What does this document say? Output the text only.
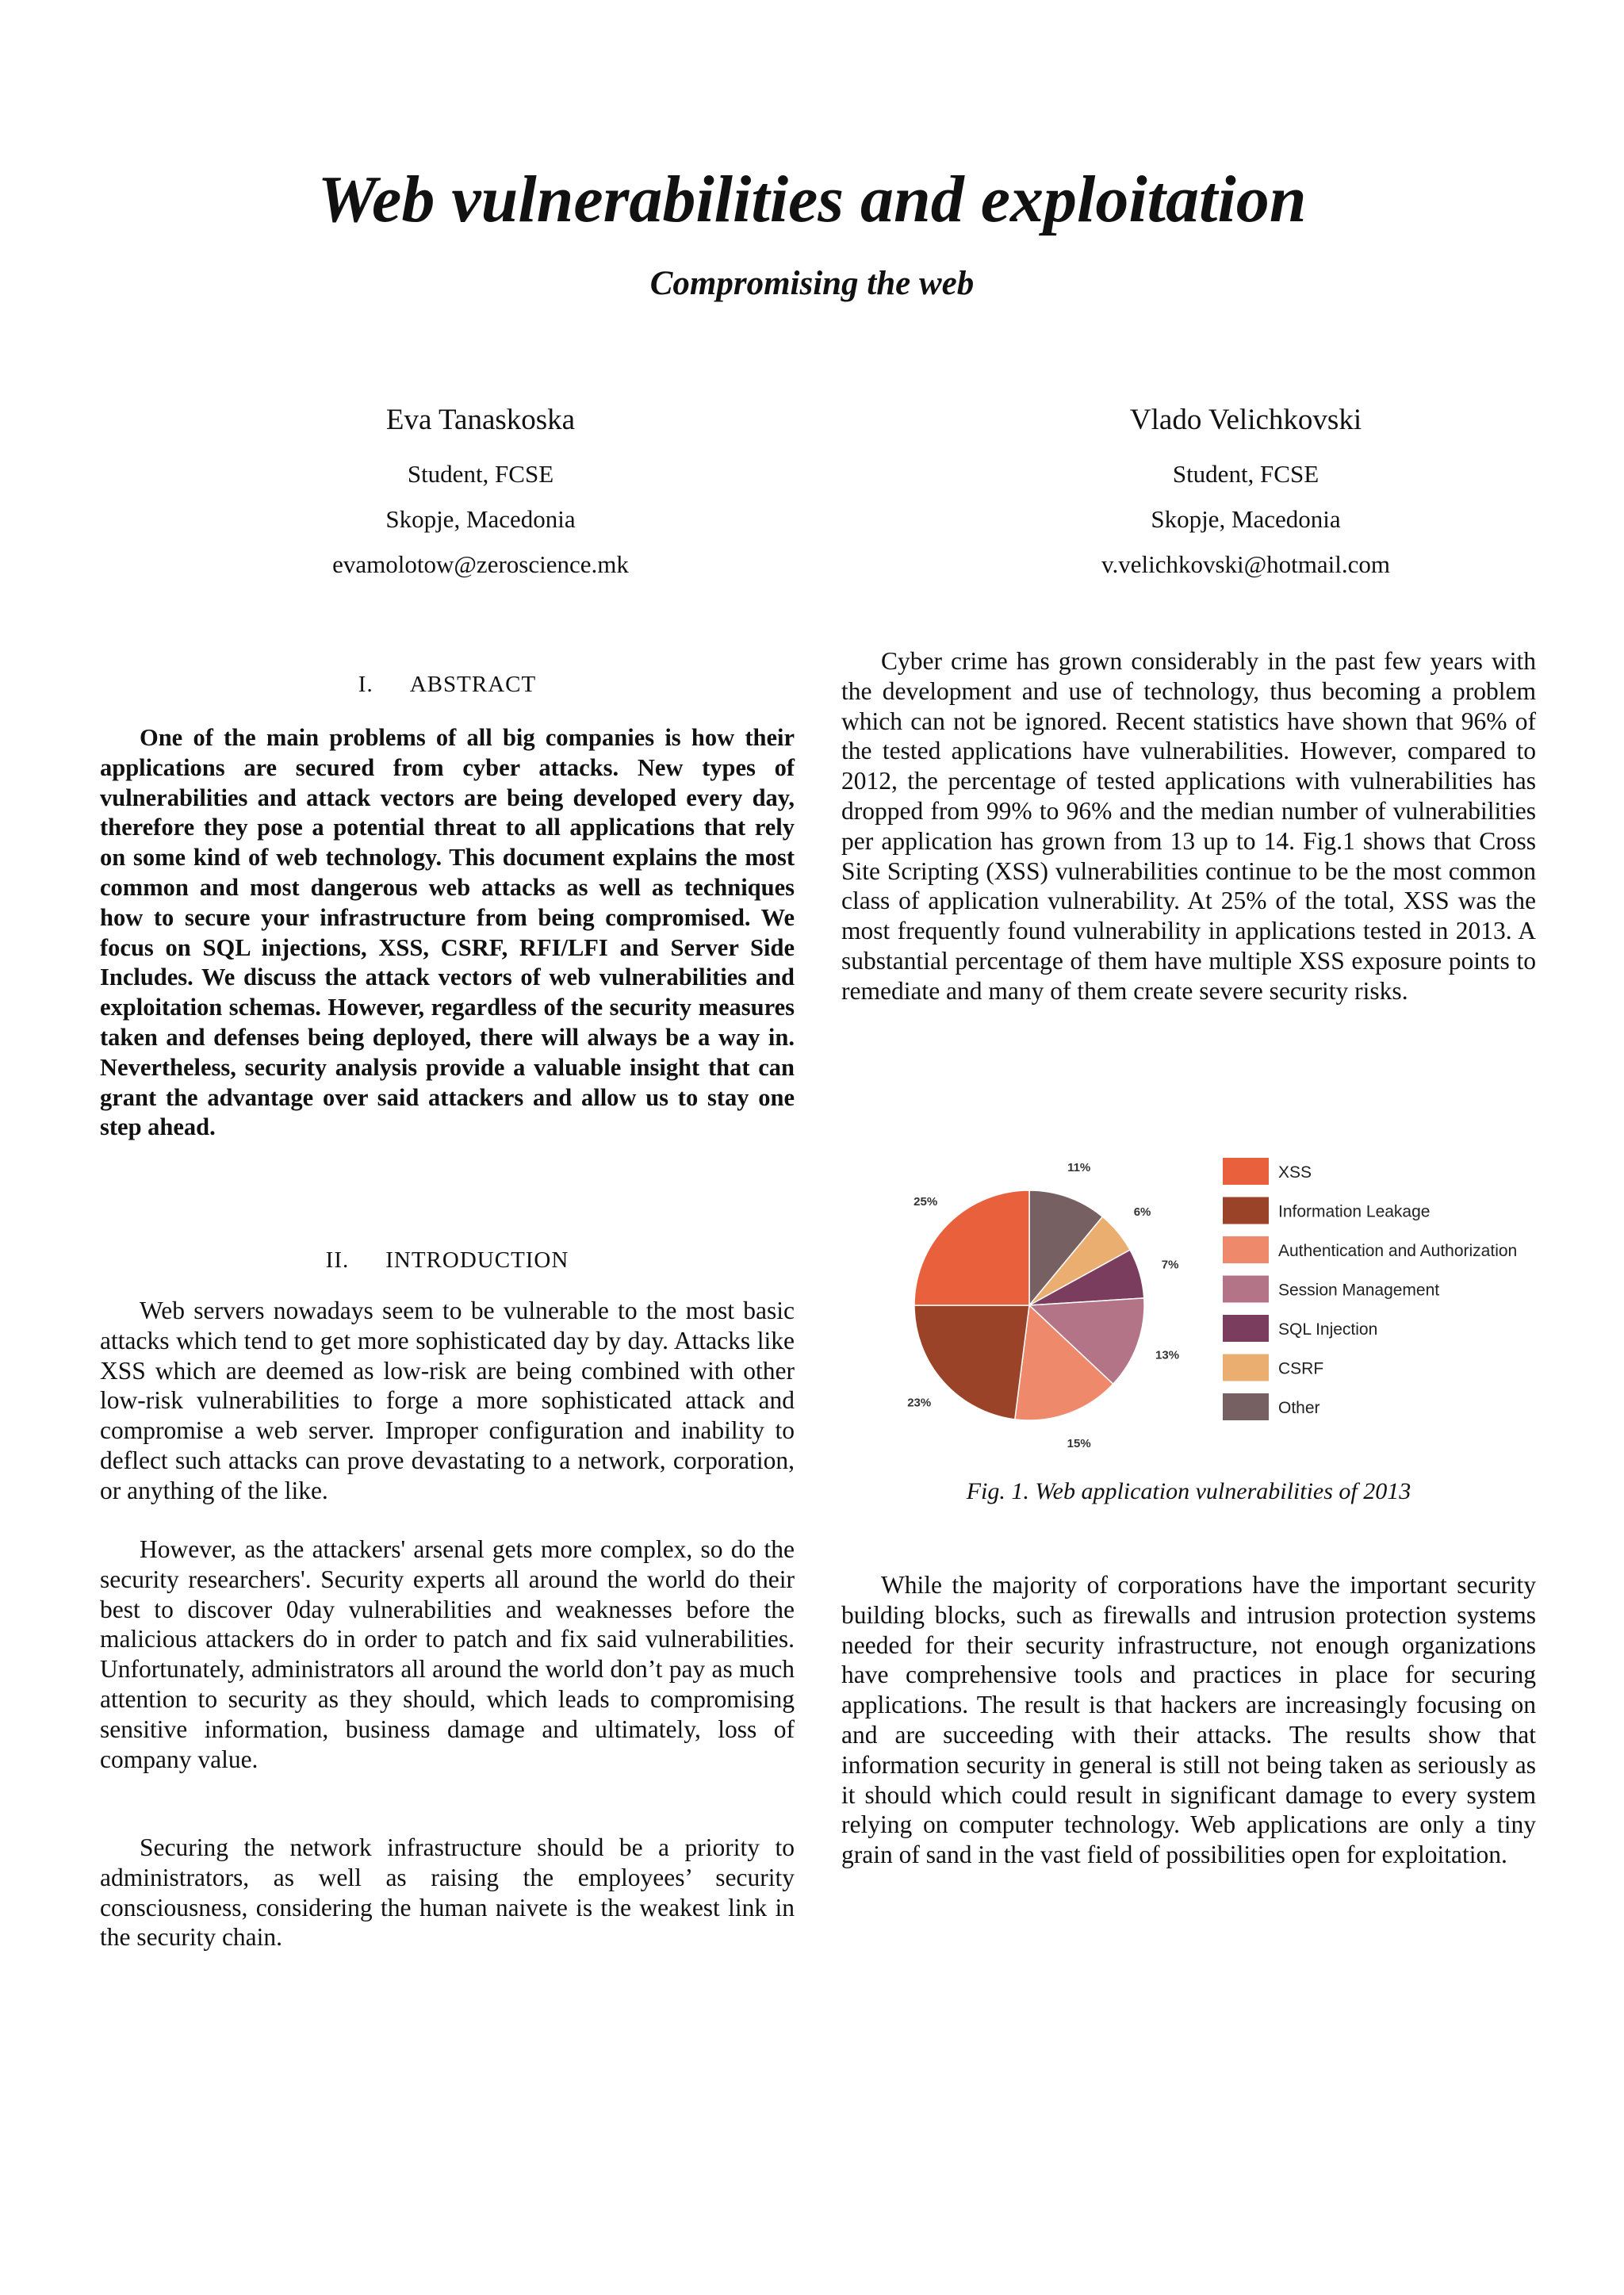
Web vulnerabilities and exploitation
Compromising the web
Eva Tanaskoska
Student, FCSE
Skopje, Macedonia
evamolotow@zeroscience.mk
Vlado Velichkovski
Student, FCSE
Skopje, Macedonia
v.velichkovski@hotmail.com
I. ABSTRACT

One of the main problems of all big companies is how their applications are secured from cyber attacks. New types of vulnerabilities and attack vectors are being developed every day, therefore they pose a potential threat to all applications that rely on some kind of web technology. This document explains the most common and most dangerous web attacks as well as techniques how to secure your infrastructure from being compromised. We focus on SQL injections, XSS, CSRF, RFI/LFI and Server Side Includes. We discuss the attack vectors of web vulnerabilities and exploitation schemas. However, regardless of the security measures taken and defenses being deployed, there will always be a way in. Nevertheless, security analysis provide a valuable insight that can grant the advantage over said attackers and allow us to stay one step ahead.

II. INTRODUCTION

Web servers nowadays seem to be vulnerable to the most basic attacks which tend to get more sophisticated day by day. Attacks like XSS which are deemed as low-risk are being combined with other low-risk vulnerabilities to forge a more sophisticated attack and compromise a web server. Improper configuration and inability to deflect such attacks can prove devastating to a network, corporation, or anything of the like.

However, as the attackers' arsenal gets more complex, so do the security researchers'. Security experts all around the world do their best to discover 0day vulnerabilities and weaknesses before the malicious attackers do in order to patch and fix said vulnerabilities. Unfortunately, administrators all around the world don’t pay as much attention to security as they should, which leads to compromising sensitive information, business damage and ultimately, loss of company value.

Securing the network infrastructure should be a priority to administrators, as well as raising the employees’ security consciousness, considering the human naivete is the weakest link in the security chain.

Cyber crime has grown considerably in the past few years with the development and use of technology, thus becoming a problem which can not be ignored. Recent statistics have shown that 96% of the tested applications have vulnerabilities. However, compared to 2012, the percentage of tested applications with vulnerabilities has dropped from 99% to 96% and the median number of vulnerabilities per application has grown from 13 up to 14. Fig.1 shows that Cross Site Scripting (XSS) vulnerabilities continue to be the most common class of application vulnerability. At 25% of the total, XSS was the most frequently found vulnerability in applications tested in 2013. A substantial percentage of them have multiple XSS exposure points to remediate and many of them create severe security risks.

Fig. 1. Web application vulnerabilities of 2013

While the majority of corporations have the important security building blocks, such as firewalls and intrusion protection systems needed for their security infrastructure, not enough organizations have comprehensive tools and practices in place for securing applications. The result is that hackers are increasingly focusing on and are succeeding with their attacks. The results show that information security in general is still not being taken as seriously as it should which could result in significant damage to every system relying on computer technology. Web applications are only a tiny grain of sand in the vast field of possibilities open for exploitation.

11%
6%
7%
13%
15%
23%
25%
XSS
Information Leakage
Authentication and Authorization
Session Management
SQL Injection
CSRF
Other
